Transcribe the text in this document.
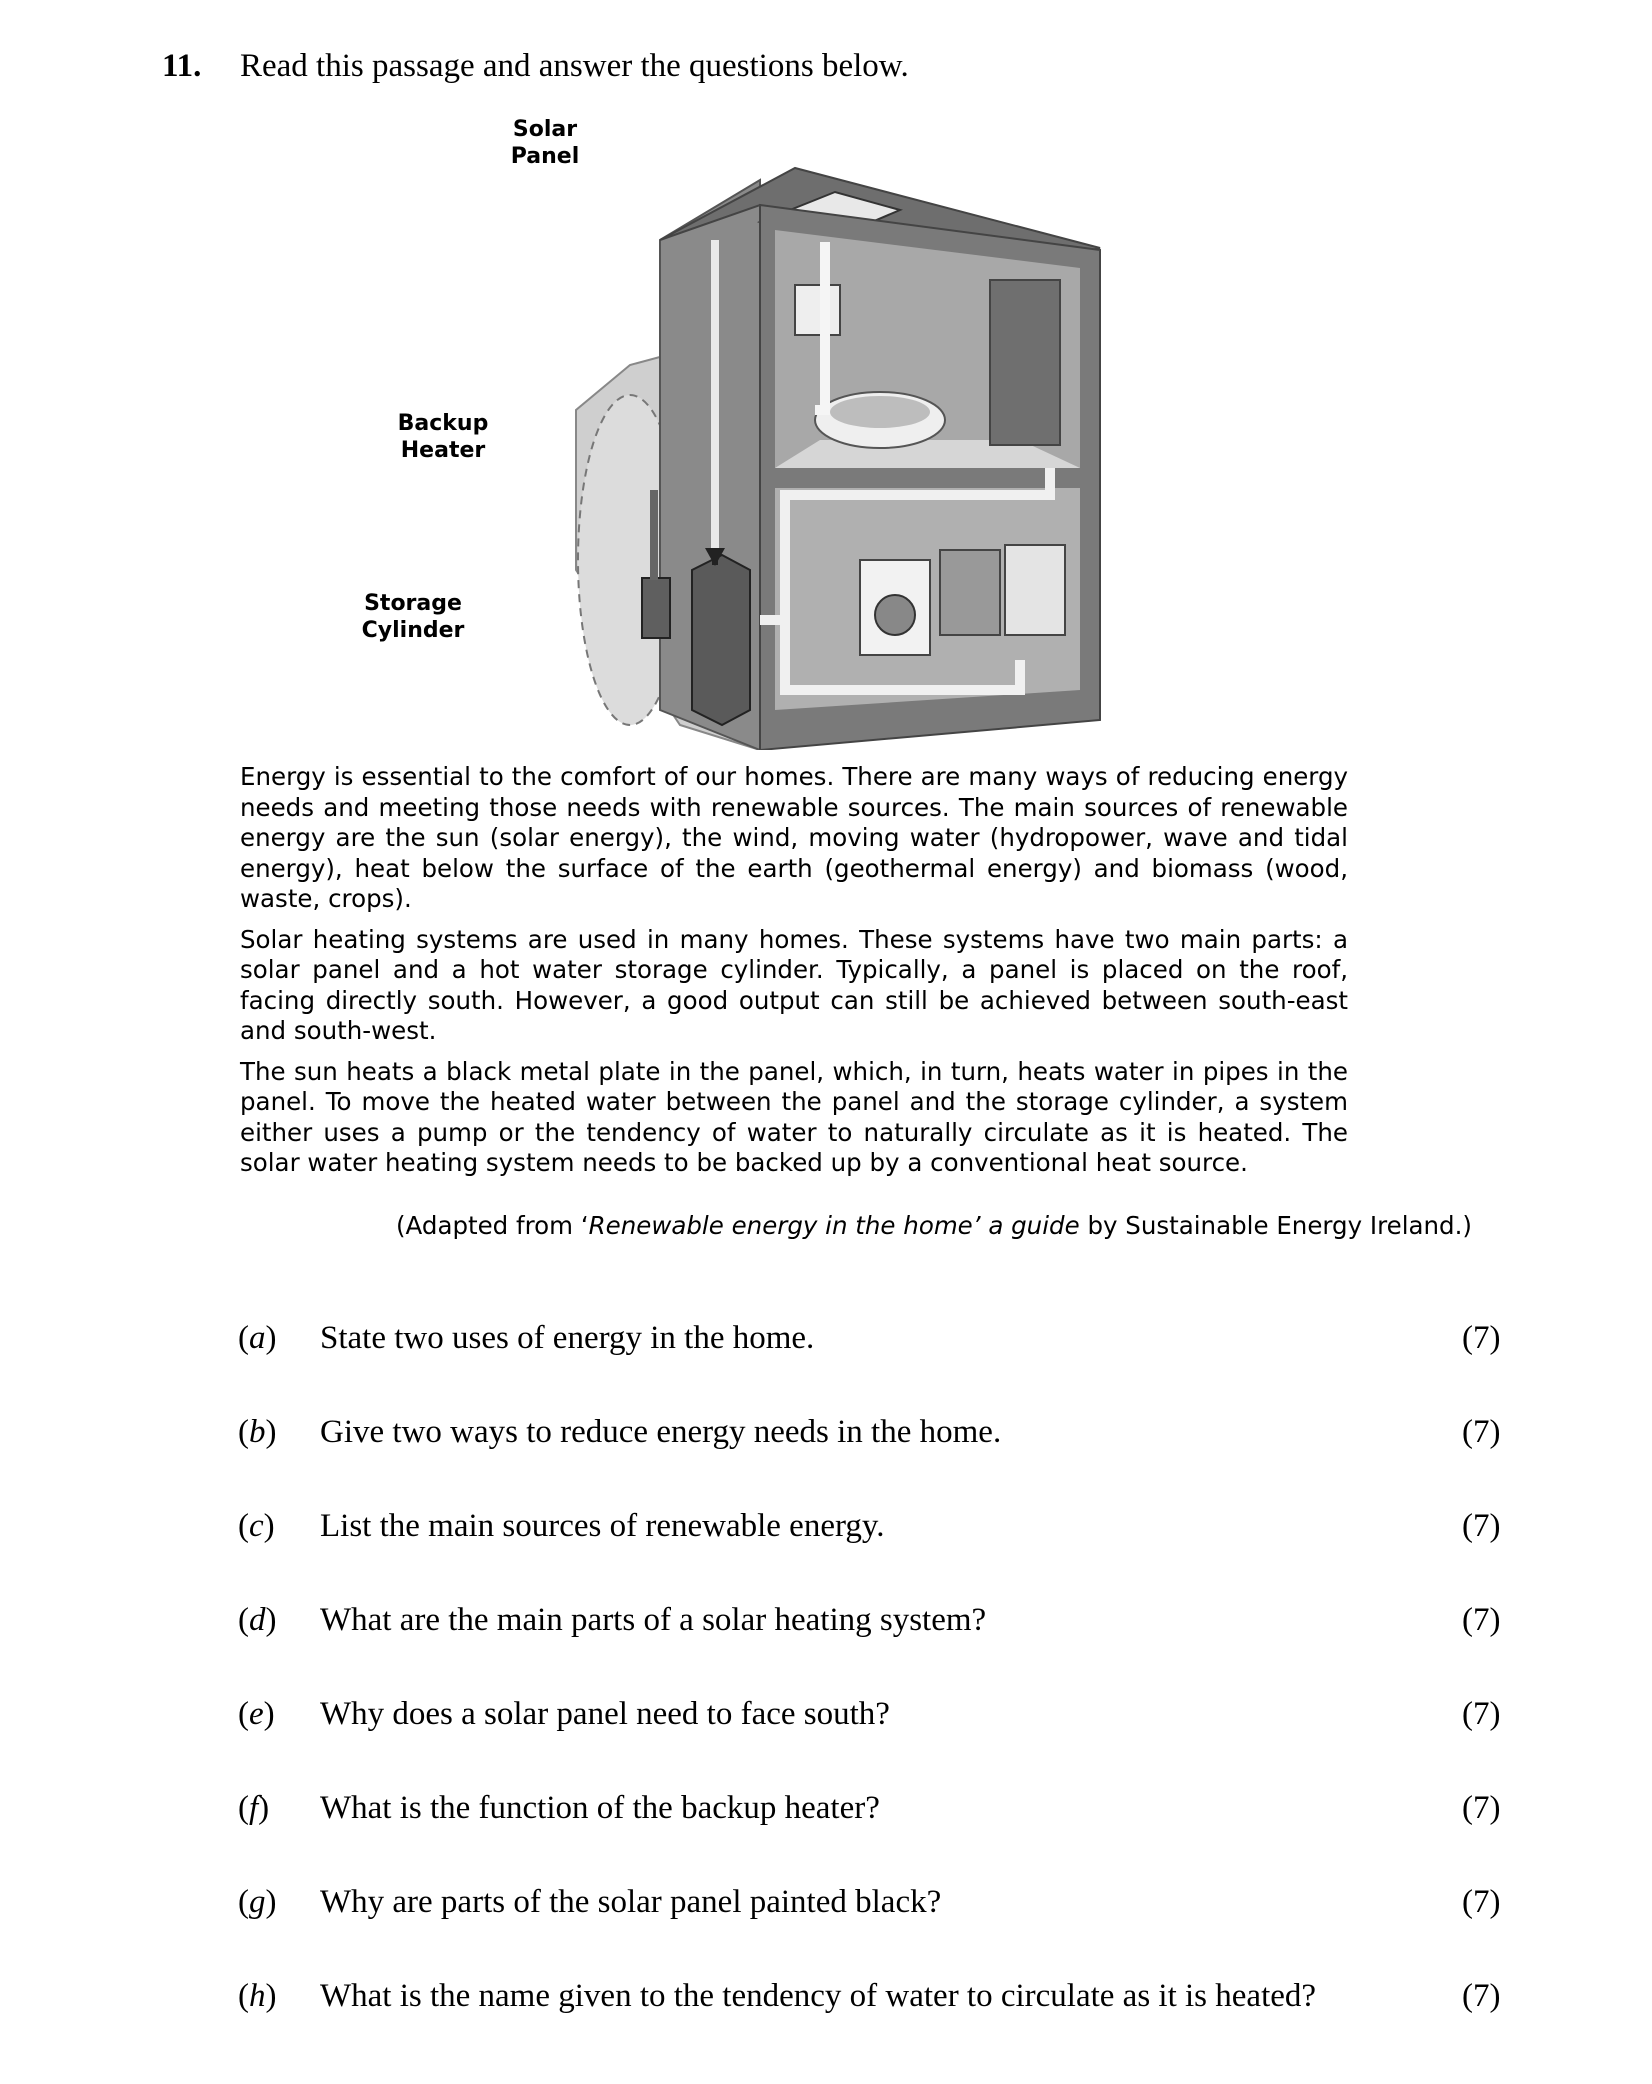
11. Read this passage and answer the questions below.
Solar
Panel
Backup
Heater
Storage
Cylinder

Energy is essential to the comfort of our homes. There are many ways of reducing energy needs and meeting those needs with renewable sources. The main sources of renewable energy are the sun (solar energy), the wind, moving water (hydropower, wave and tidal energy), heat below the surface of the earth (geothermal energy) and biomass (wood, waste, crops).

Solar heating systems are used in many homes. These systems have two main parts: a solar panel and a hot water storage cylinder. Typically, a panel is placed on the roof, facing directly south. However, a good output can still be achieved between south-east and south-west.

The sun heats a black metal plate in the panel, which, in turn, heats water in pipes in the panel. To move the heated water between the panel and the storage cylinder, a system either uses a pump or the tendency of water to naturally circulate as it is heated. The solar water heating system needs to be backed up by a conventional heat source.

(Adapted from ‘Renewable energy in the home’ a guide by Sustainable Energy Ireland.)
(a) State two uses of energy in the home.	(7)
(b) Give two ways to reduce energy needs in the home.	(7)
(c) List the main sources of renewable energy.	(7)
(d) What are the main parts of a solar heating system?	(7)
(e) Why does a solar panel need to face south?	(7)
(f) What is the function of the backup heater?	(7)
(g) Why are parts of the solar panel painted black?	(7)
(h) What is the name given to the tendency of water to circulate as it is heated?	(7)
